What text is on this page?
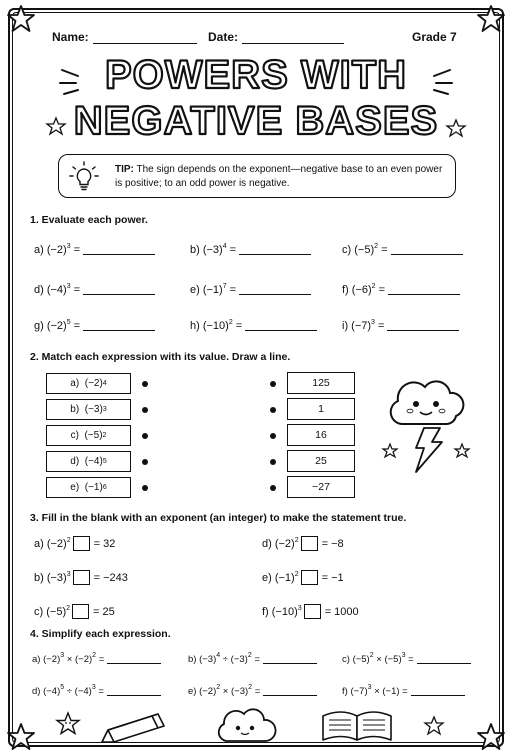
Name:	Date:	Grade 7
POWERS WITH
NEGATIVE BASES
TIP: The sign depends on the exponent—negative base to an even power is positive; to an odd power is negative.
1. Evaluate each power.
a) $(-2)^3$ =	b) $(-3)^4$ =	c) $(-5)^2$ =
d) $(-4)^3$ =	e) $(-1)^7$ =	f) $(-6)^2$ =
g) $(-2)^5$ =	h) $(-10)^2$ =	i) $(-7)^3$ =
2. Match each expression with its value. Draw a line.
a)
(−2) 4
b)
(−3) 3
c)
(−5) 2
d)
(−4) 5
e)
(−1) 6
125
1
16
25
−27
3. Fill in the blank with an exponent (an integer) to make the statement true.
a) $(-2)^2 = 32$	d) $(-2)^2 = -8$
b) $(-3)^3 = -243$	e) $(-1)^2 = -1$
c) $(-5)^2 = 25$	f) $(-10)^3 = 1000$
4. Simplify each expression.
a) $(-2)^3 \times (-2)^2$ =	b) $(-3)^4 \div (-3)^2$ =	c) $(-5)^2 \times (-5)^3$ =
d) $(-4)^5 \div (-4)^3$ =	e) $(-2)^2 \times (-3)^2$ =	f) $(-7)^3 \times (-1)$ =
